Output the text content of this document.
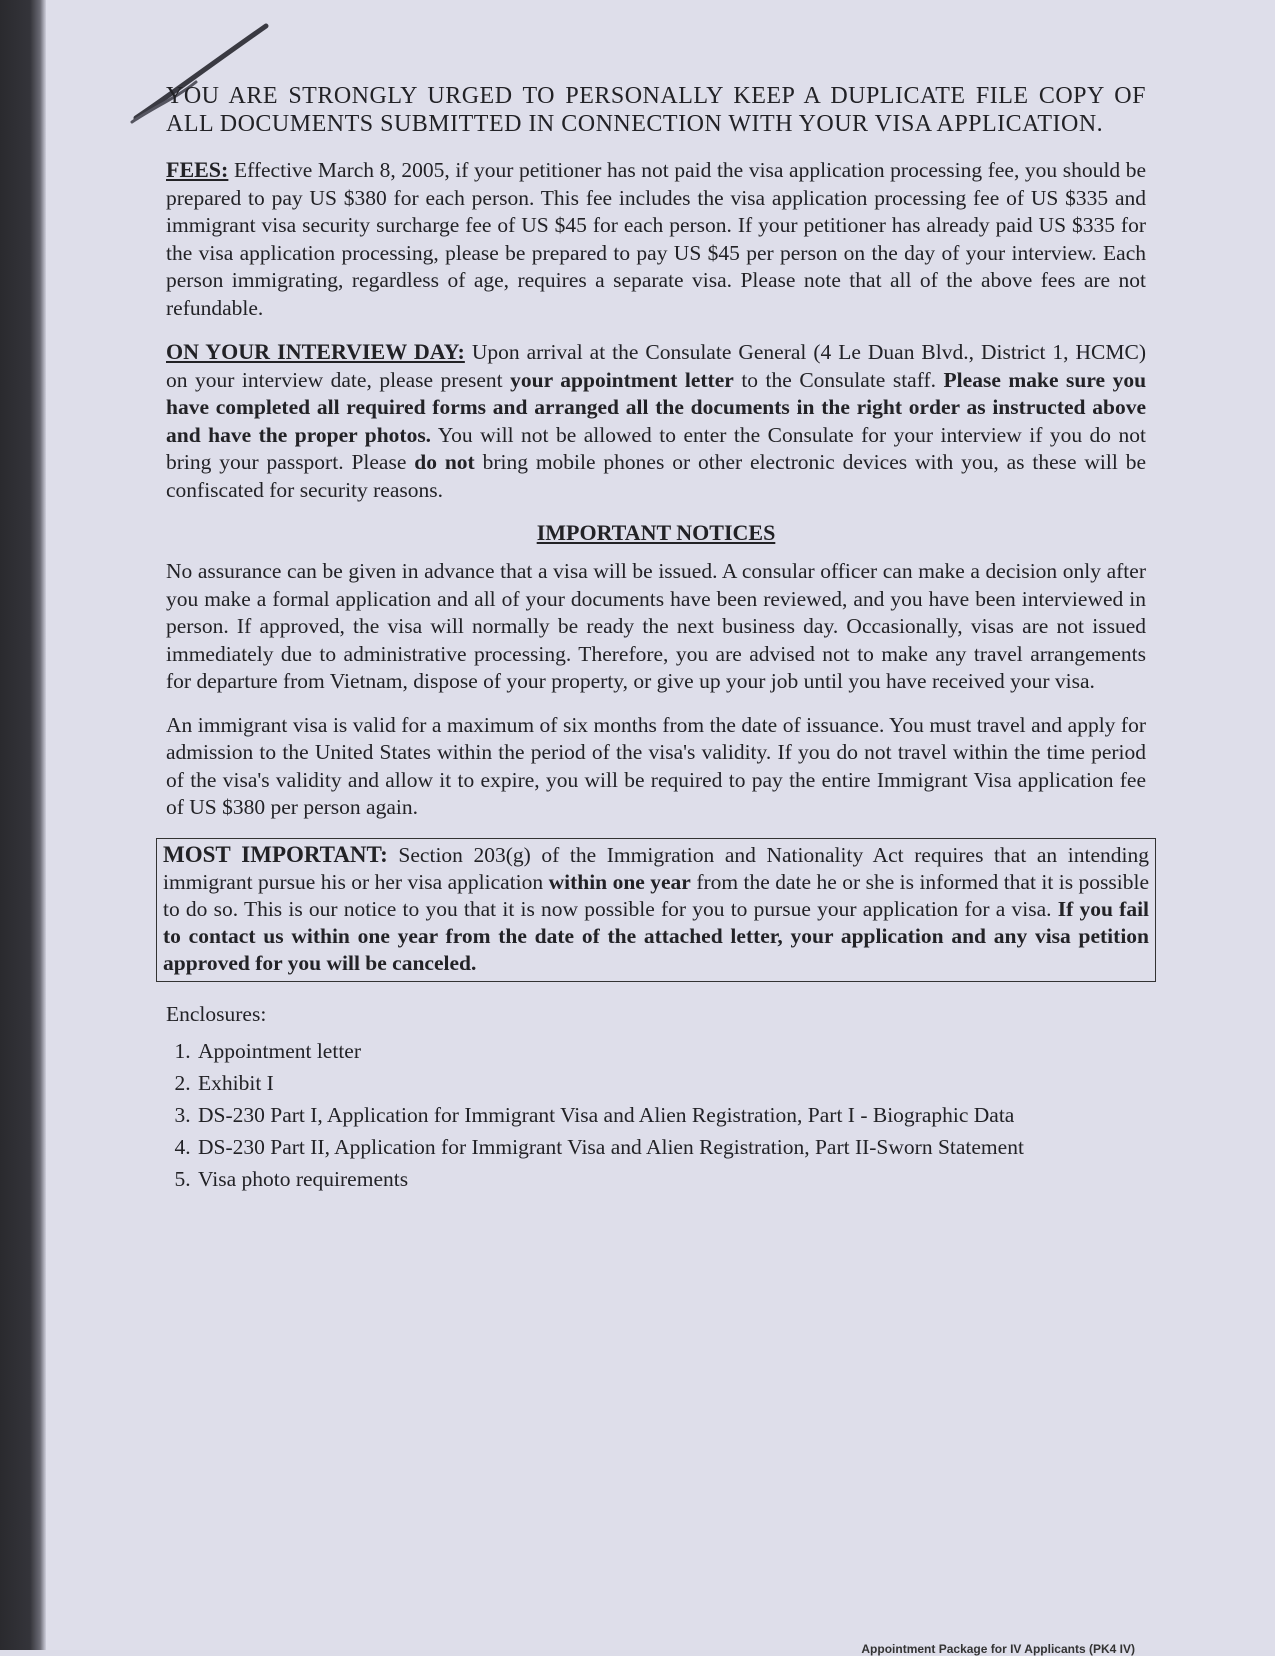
YOU ARE STRONGLY URGED TO PERSONALLY KEEP A DUPLICATE FILE COPY OF ALL DOCUMENTS SUBMITTED IN CONNECTION WITH YOUR VISA APPLICATION.

FEES: Effective March 8, 2005, if your petitioner has not paid the visa application processing fee, you should be prepared to pay US $380 for each person. This fee includes the visa application processing fee of US $335 and immigrant visa security surcharge fee of US $45 for each person. If your petitioner has already paid US $335 for the visa application processing, please be prepared to pay US $45 per person on the day of your interview. Each person immigrating, regardless of age, requires a separate visa. Please note that all of the above fees are not refundable.

ON YOUR INTERVIEW DAY: Upon arrival at the Consulate General (4 Le Duan Blvd., District 1, HCMC) on your interview date, please present your appointment letter to the Consulate staff. Please make sure you have completed all required forms and arranged all the documents in the right order as instructed above and have the proper photos. You will not be allowed to enter the Consulate for your interview if you do not bring your passport. Please do not bring mobile phones or other electronic devices with you, as these will be confiscated for security reasons.

IMPORTANT NOTICES

No assurance can be given in advance that a visa will be issued. A consular officer can make a decision only after you make a formal application and all of your documents have been reviewed, and you have been interviewed in person. If approved, the visa will normally be ready the next business day. Occasionally, visas are not issued immediately due to administrative processing. Therefore, you are advised not to make any travel arrangements for departure from Vietnam, dispose of your property, or give up your job until you have received your visa.

An immigrant visa is valid for a maximum of six months from the date of issuance. You must travel and apply for admission to the United States within the period of the visa's validity. If you do not travel within the time period of the visa's validity and allow it to expire, you will be required to pay the entire Immigrant Visa application fee of US $380 per person again.

MOST IMPORTANT: Section 203(g) of the Immigration and Nationality Act requires that an intending immigrant pursue his or her visa application within one year from the date he or she is informed that it is possible to do so. This is our notice to you that it is now possible for you to pursue your application for a visa. If you fail to contact us within one year from the date of the attached letter, your application and any visa petition approved for you will be canceled.
Enclosures:
1. Appointment letter
2. Exhibit I
3. DS-230 Part I, Application for Immigrant Visa and Alien Registration, Part I - Biographic Data
4. DS-230 Part II, Application for Immigrant Visa and Alien Registration, Part II-Sworn Statement
5. Visa photo requirements
Appointment Package for IV Applicants (PK4 IV)
